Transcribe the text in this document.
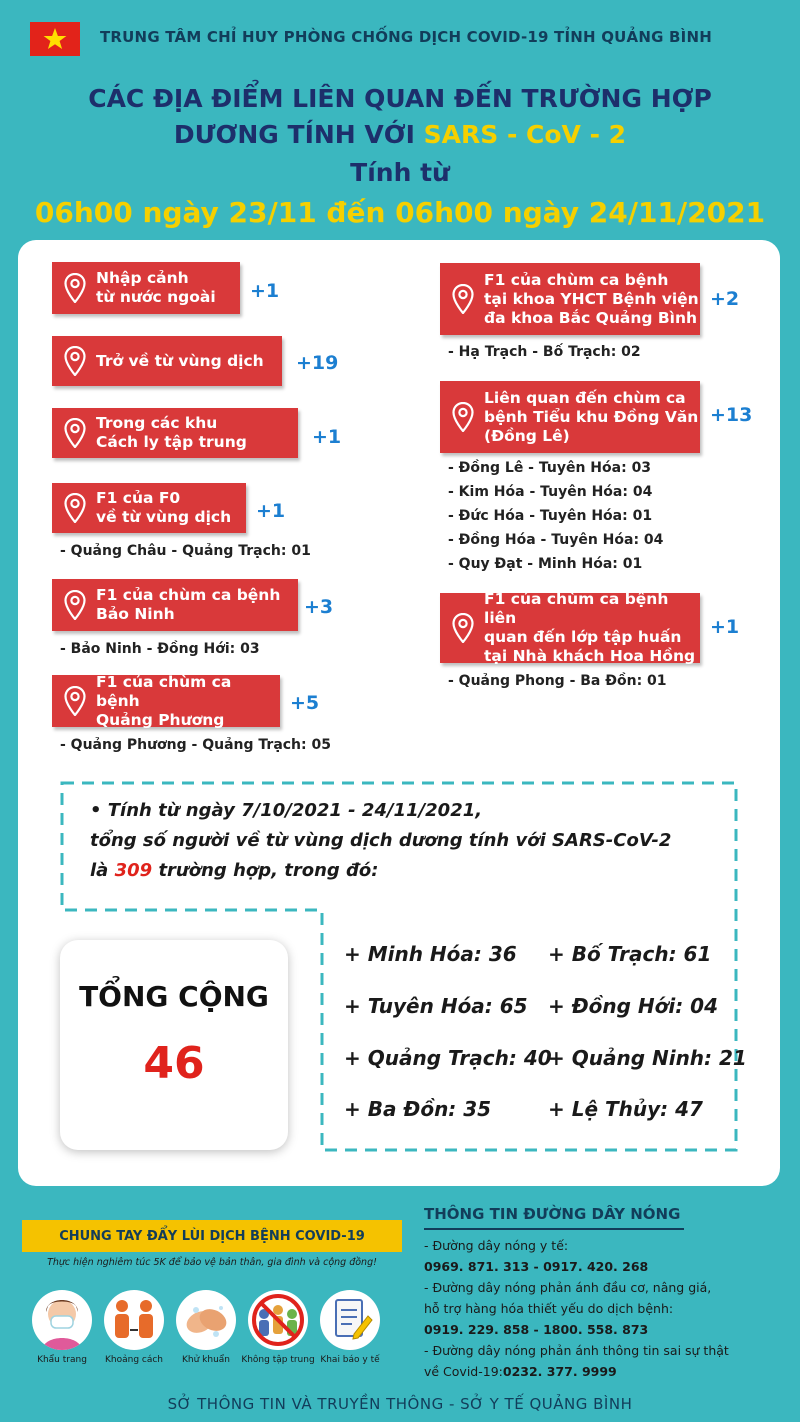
TRUNG TÂM CHỈ HUY PHÒNG CHỐNG DỊCH COVID-19 TỈNH QUẢNG BÌNH
CÁC ĐỊA ĐIỂM LIÊN QUAN ĐẾN TRƯỜNG HỢP
DƯƠNG TÍNH VỚI SARS - CoV - 2
Tính từ
06h00 ngày 23/11 đến 06h00 ngày 24/11/2021
Nhập cảnh
từ nước ngoài +1
Trở về từ vùng dịch +19
Trong các khu
Cách ly tập trung	+1
F1 của F0
về từ vùng dịch +1
- Quảng Châu - Quảng Trạch: 01
F1 của chùm ca bệnh
Bảo Ninh	+3
- Bảo Ninh - Đồng Hới: 03
F1 của chùm ca bệnh
Quảng Phương
+5
- Quảng Phương - Quảng Trạch: 05
F1 của chùm ca bệnh
tại khoa YHCT Bệnh viện
đa khoa Bắc Quảng Bình
+2
- Hạ Trạch - Bố Trạch: 02
Liên quan đến chùm ca
bệnh Tiểu khu Đồng Văn
(Đồng Lê)
+13
- Đồng Lê - Tuyên Hóa: 03
- Kim Hóa - Tuyên Hóa: 04
- Đức Hóa - Tuyên Hóa: 01
- Đồng Hóa - Tuyên Hóa: 04
- Quy Đạt - Minh Hóa: 01
F1 của chùm ca bệnh liên
quan đến lớp tập huấn
tại Nhà khách Hoa Hồng
+1
- Quảng Phong - Ba Đồn: 01
• Tính từ ngày 7/10/2021 - 24/11/2021,
tổng số người về từ vùng dịch dương tính với SARS-CoV-2
là 309 trường hợp, trong đó:
TỔNG CỘNG
46
+ Minh Hóa: 36
+ Tuyên Hóa: 65
+ Quảng Trạch: 40
+ Ba Đồn: 35
+ Bố Trạch: 61
+ Đồng Hới: 04
+ Quảng Ninh: 21
+ Lệ Thủy: 47
CHUNG TAY ĐẨY LÙI DỊCH BỆNH COVID-19
Thực hiện nghiêm túc 5K để bảo vệ bản thân, gia đình và cộng đồng!
Khẩu trang	Khoảng cách	Khử khuẩn	Không tập trung Khai báo y tế
THÔNG TIN ĐƯỜNG DÂY NÓNG
- Đường dây nóng y tế:
0969. 871. 313 - 0917. 420. 268
- Đường dây nóng phản ánh đầu cơ, nâng giá,
hỗ trợ hàng hóa thiết yếu do dịch bệnh:
0919. 229. 858 - 1800. 558. 873
- Đường dây nóng phản ánh thông tin sai sự thật
về Covid-19:0232. 377. 9999
SỞ THÔNG TIN VÀ TRUYỀN THÔNG - SỞ Y TẾ QUẢNG BÌNH
